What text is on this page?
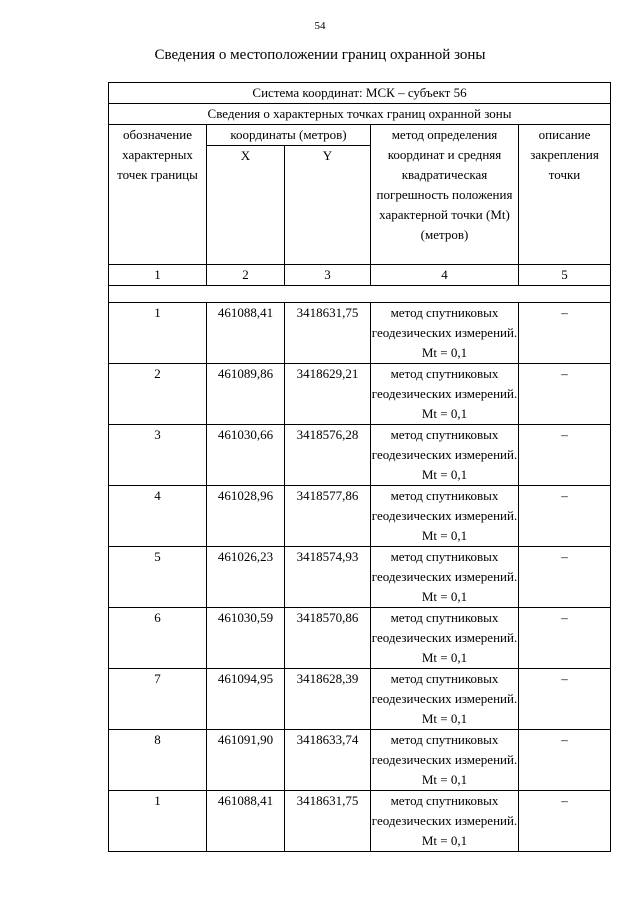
54
Сведения о местоположении границ охранной зоны
Система координат: МСК – субъект 56				
Сведения о характерных точках границ охранной зоны				
обозначение характерных точек границы	координаты (метров)		метод определения координат и средняя квадратическая погрешность положения характерной точки (Mt) (метров)	описание закрепления точки
	X	Y		
1	2	3	4	5

1	461088,41	3418631,75	метод спутниковых геодезических измерений. Mt = 0,1	–
2	461089,86	3418629,21	метод спутниковых геодезических измерений. Mt = 0,1	–
3	461030,66	3418576,28	метод спутниковых геодезических измерений. Mt = 0,1	–
4	461028,96	3418577,86	метод спутниковых геодезических измерений. Mt = 0,1	–
5	461026,23	3418574,93	метод спутниковых геодезических измерений. Mt = 0,1	–
6	461030,59	3418570,86	метод спутниковых геодезических измерений. Mt = 0,1	–
7	461094,95	3418628,39	метод спутниковых геодезических измерений. Mt = 0,1	–
8	461091,90	3418633,74	метод спутниковых геодезических измерений. Mt = 0,1	–
1	461088,41	3418631,75	метод спутниковых геодезических измерений. Mt = 0,1	–
